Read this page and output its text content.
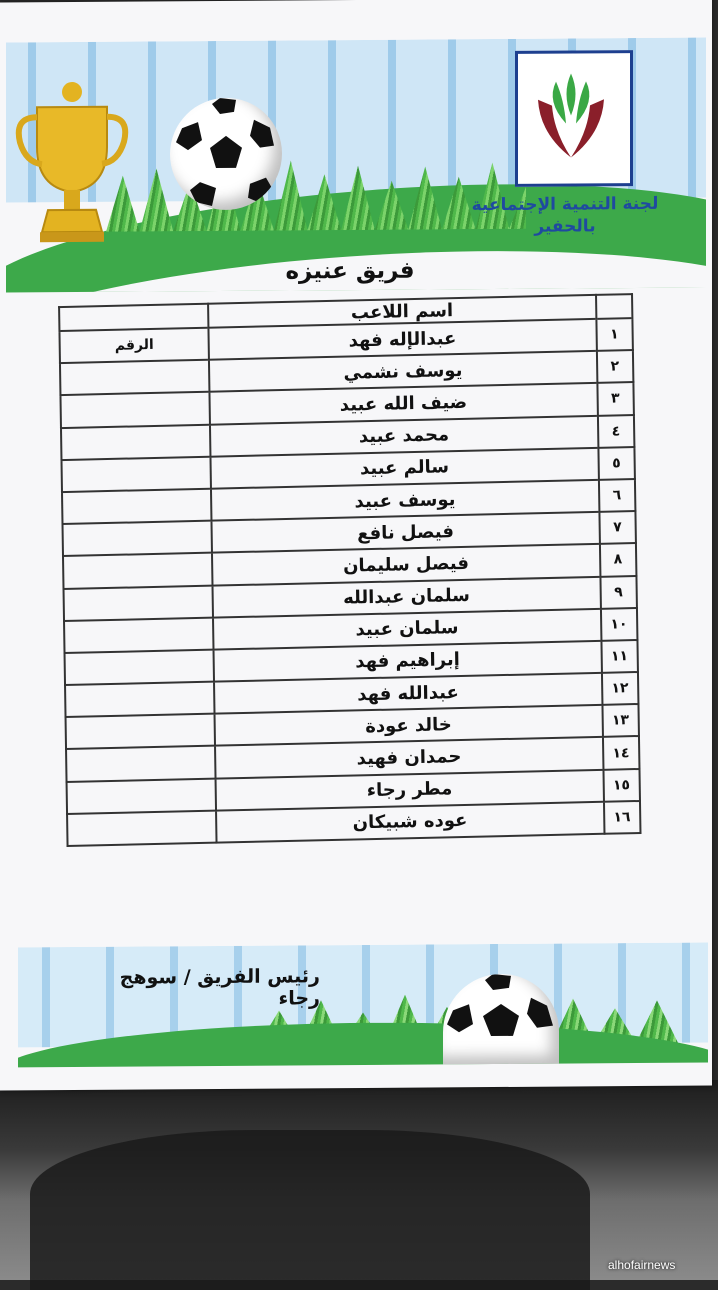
لجنة التنمية الإجتماعية
بالحفير
فريق عنيزه
	اسم اللاعب	
١	عبدالإله فهد	الرقم
٢	يوسف نشمي	
٣	ضيف الله عبيد	
٤	محمد عبيد	
٥	سالم عبيد	
٦	يوسف عبيد	
٧	فيصل نافع	
٨	فيصل سليمان	
٩	سلمان عبدالله	
١٠	سلمان عبيد	
١١	إبراهيم فهد	
١٢	عبدالله فهد	
١٣	خالد عودة	
١٤	حمدان فهيد	
١٥	مطر رجاء	
١٦	عوده شبيكان	
رئيس الفريق / سوهج رجاء
alhofairnews
